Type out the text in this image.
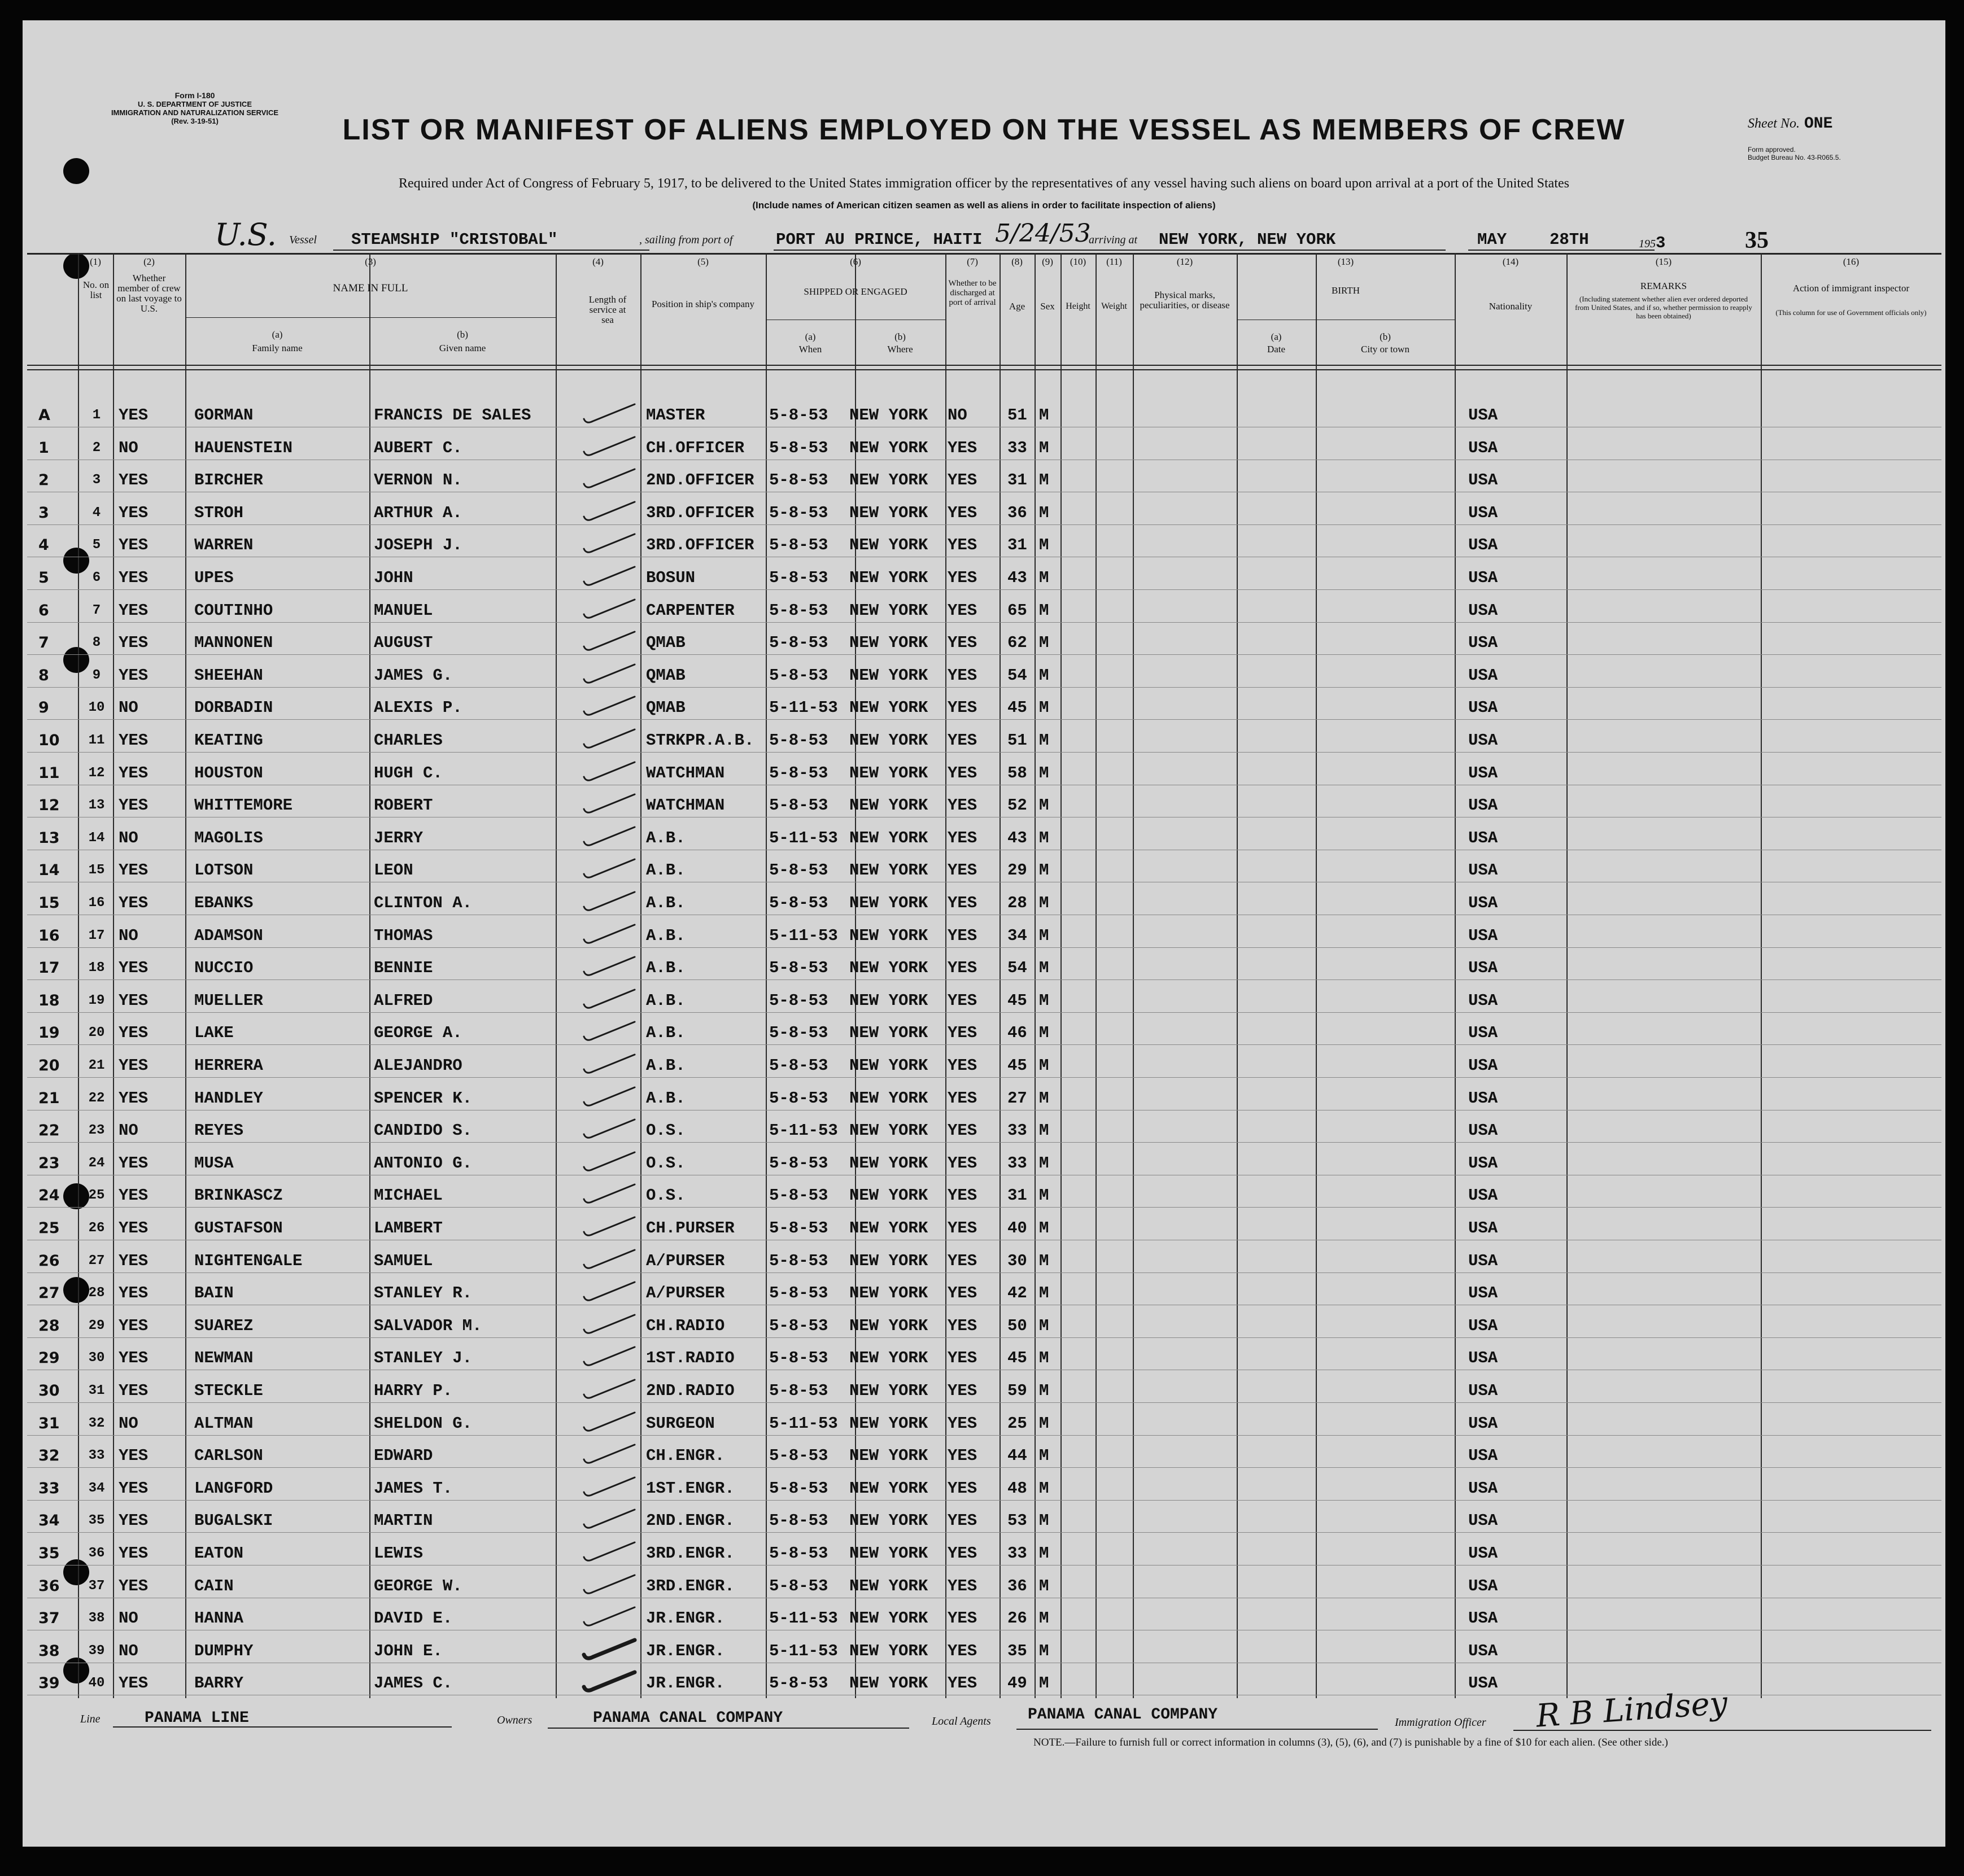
Form I-180
U. S. DEPARTMENT OF JUSTICE
IMMIGRATION AND NATURALIZATION SERVICE
(Rev. 3-19-51)	LIST OR MANIFEST OF ALIENS EMPLOYED ON THE VESSEL AS MEMBERS OF CREW	Sheet No. ONE
Form approved.
Budget Bureau No. 43-R065.5.
Required under Act of Congress of February 5, 1917, to be delivered to the United States immigration officer by the representatives of any vessel having such aliens on board upon arrival at a port of the United States
(Include names of American citizen seamen as well as aliens in order to facilitate inspection of aliens)
U.S. Vessel STEAMSHIP "CRISTOBAL"	, sailing from port of	PORT AU PRINCE, HAITI 5/24/53
arriving at NEW YORK, NEW YORK	MAY	28TH	1953	35
(1)
No. on list
(2)
Whether member of crew on last voyage to U.S.
(3)
NAME IN FULL
(a)
Family name
(b)
Given name
(4)
Length of service at sea
(5)
Position in ship's company
(6)
SHIPPED OR ENGAGED
(a)
When
(b)
Where
(7)
Whether to be discharged at port of arrival
(8)
Age
(9)
Sex
(10)
Height
(11)
Weight
(12)
Physical marks, peculiarities, or disease
(13)
BIRTH
(a)
Date
(b)
City or town
(14)
Nationality
(15)
REMARKS
(Including statement whether alien ever ordered deported from United States, and if so, whether permission to reapply has been obtained)
(16)
Action of immigrant inspector
(This column for use of Government officials only)
A	1	YES	GORMAN	FRANCIS DE SALES	MASTER	5-8-53 NEW YORK NO 51 M	USA
1	2	NO	HAUENSTEIN	AUBERT C.	CH.OFFICER 5-8-53 NEW YORK YES 33 M	USA
2	3	YES	BIRCHER	VERNON N.	2ND.OFFICER 5-8-53 NEW YORK YES 31 M	USA
3	4	YES	STROH	ARTHUR A.	3RD.OFFICER 5-8-53 NEW YORK YES 36 M	USA
4	5	YES	WARREN	JOSEPH J.	3RD.OFFICER 5-8-53 NEW YORK YES 31 M	USA
5	6	YES	UPES	JOHN	BOSUN	5-8-53 NEW YORK YES 43 M	USA
6	7	YES	COUTINHO	MANUEL	CARPENTER 5-8-53 NEW YORK YES 65 M	USA
7	8	YES	MANNONEN	AUGUST	QMAB	5-8-53 NEW YORK YES 62 M	USA
8	9	YES	SHEEHAN	JAMES G.	QMAB	5-8-53 NEW YORK YES 54 M	USA
9	10 NO	DORBADIN	ALEXIS P.	QMAB	5-11-53 NEW YORK YES 45 M	USA
10	11 YES	KEATING	CHARLES	STRKPR.A.B. 5-8-53 NEW YORK YES 51 M	USA
11	12 YES	HOUSTON	HUGH C.	WATCHMAN	5-8-53 NEW YORK YES 58 M	USA
12	13 YES	WHITTEMORE	ROBERT	WATCHMAN	5-8-53 NEW YORK YES 52 M	USA
13	14 NO	MAGOLIS	JERRY	A.B.	5-11-53 NEW YORK YES 43 M	USA
14	15 YES	LOTSON	LEON	A.B.	5-8-53 NEW YORK YES 29 M	USA
15	16 YES	EBANKS	CLINTON A.	A.B.	5-8-53 NEW YORK YES 28 M	USA
16	17 NO	ADAMSON	THOMAS	A.B.	5-11-53 NEW YORK YES 34 M	USA
17	18 YES	NUCCIO	BENNIE	A.B.	5-8-53 NEW YORK YES 54 M	USA
18	19 YES	MUELLER	ALFRED	A.B.	5-8-53 NEW YORK YES 45 M	USA
19	20 YES	LAKE	GEORGE A.	A.B.	5-8-53 NEW YORK YES 46 M	USA
20	21 YES	HERRERA	ALEJANDRO	A.B.	5-8-53 NEW YORK YES 45 M	USA
21	22 YES	HANDLEY	SPENCER K.	A.B.	5-8-53 NEW YORK YES 27 M	USA
22	23 NO	REYES	CANDIDO S.	O.S.	5-11-53 NEW YORK YES 33 M	USA
23	24 YES	MUSA	ANTONIO G.	O.S.	5-8-53 NEW YORK YES 33 M	USA
24	25 YES	BRINKASCZ	MICHAEL	O.S.	5-8-53 NEW YORK YES 31 M	USA
25	26 YES	GUSTAFSON	LAMBERT	CH.PURSER 5-8-53 NEW YORK YES 40 M	USA
26	27 YES	NIGHTENGALE	SAMUEL	A/PURSER	5-8-53 NEW YORK YES 30 M	USA
27	28 YES	BAIN	STANLEY R.	A/PURSER	5-8-53 NEW YORK YES 42 M	USA
28	29 YES	SUAREZ	SALVADOR M.	CH.RADIO	5-8-53 NEW YORK YES 50 M	USA
29	30 YES	NEWMAN	STANLEY J.	1ST.RADIO 5-8-53 NEW YORK YES 45 M	USA
30	31 YES	STECKLE	HARRY P.	2ND.RADIO 5-8-53 NEW YORK YES 59 M	USA
31	32 NO	ALTMAN	SHELDON G.	SURGEON	5-11-53 NEW YORK YES 25 M	USA
32	33 YES	CARLSON	EDWARD	CH.ENGR.	5-8-53 NEW YORK YES 44 M	USA
33	34 YES	LANGFORD	JAMES T.	1ST.ENGR. 5-8-53 NEW YORK YES 48 M	USA
34	35 YES	BUGALSKI	MARTIN	2ND.ENGR. 5-8-53 NEW YORK YES 53 M	USA
35	36 YES	EATON	LEWIS	3RD.ENGR. 5-8-53 NEW YORK YES 33 M	USA
36	37 YES	CAIN	GEORGE W.	3RD.ENGR. 5-8-53 NEW YORK YES 36 M	USA
37	38 NO	HANNA	DAVID E.	JR.ENGR.	5-11-53 NEW YORK YES 26 M	USA
38	39 NO	DUMPHY	JOHN E.	JR.ENGR.	5-11-53 NEW YORK YES 35 M	USA
39	40 YES	BARRY	JAMES C.	JR.ENGR.	5-8-53 NEW YORK YES 49 M	USA
Line	PANAMA LINE	Owners	PANAMA CANAL COMPANY	Local Agents PANAMA CANAL COMPANY	Immigration Officer R B Lindsey
NOTE.—Failure to furnish full or correct information in columns (3), (5), (6), and (7) is punishable by a fine of $10 for each alien. (See other side.)
